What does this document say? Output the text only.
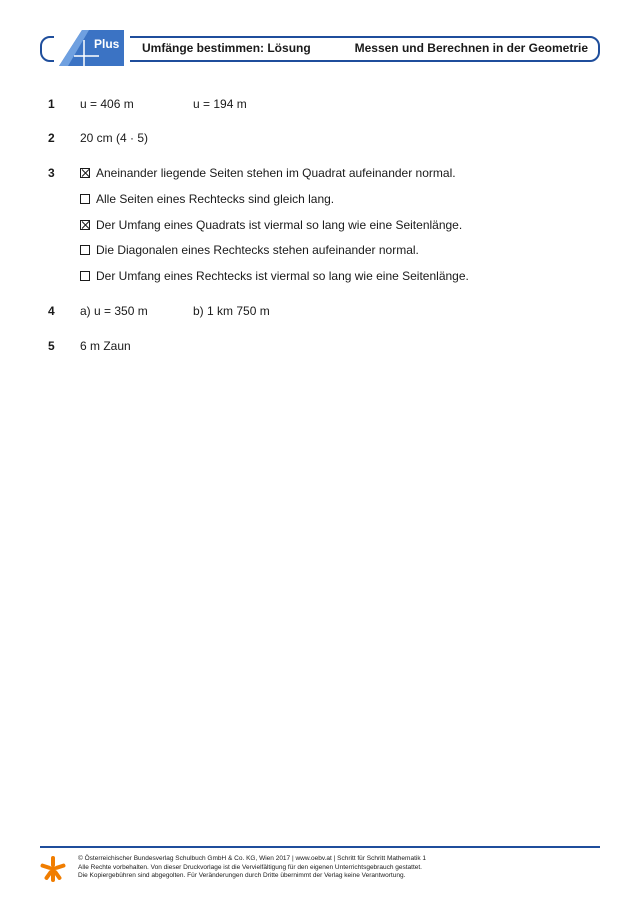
Plus Umfänge bestimmen: Lösung	Messen und Berechnen in der Geometrie
1 u = 406 m	u = 194 m
2 20 cm (4 · 5)
3	Aneinander liegende Seiten stehen im Quadrat aufeinander normal.
Alle Seiten eines Rechtecks sind gleich lang.
Der Umfang eines Quadrats ist viermal so lang wie eine Seitenlänge.
Die Diagonalen eines Rechtecks stehen aufeinander normal.
Der Umfang eines Rechtecks ist viermal so lang wie eine Seitenlänge.
4 a) u = 350 m	b) 1 km 750 m
5 6 m Zaun
© Österreichischer Bundesverlag Schulbuch GmbH & Co. KG, Wien 2017 | www.oebv.at | Schritt für Schritt Mathematik 1
Alle Rechte vorbehalten. Von dieser Druckvorlage ist die Vervielfältigung für den eigenen Unterrichtsgebrauch gestattet.
Die Kopiergebühren sind abgegolten. Für Veränderungen durch Dritte übernimmt der Verlag keine Verantwortung.
